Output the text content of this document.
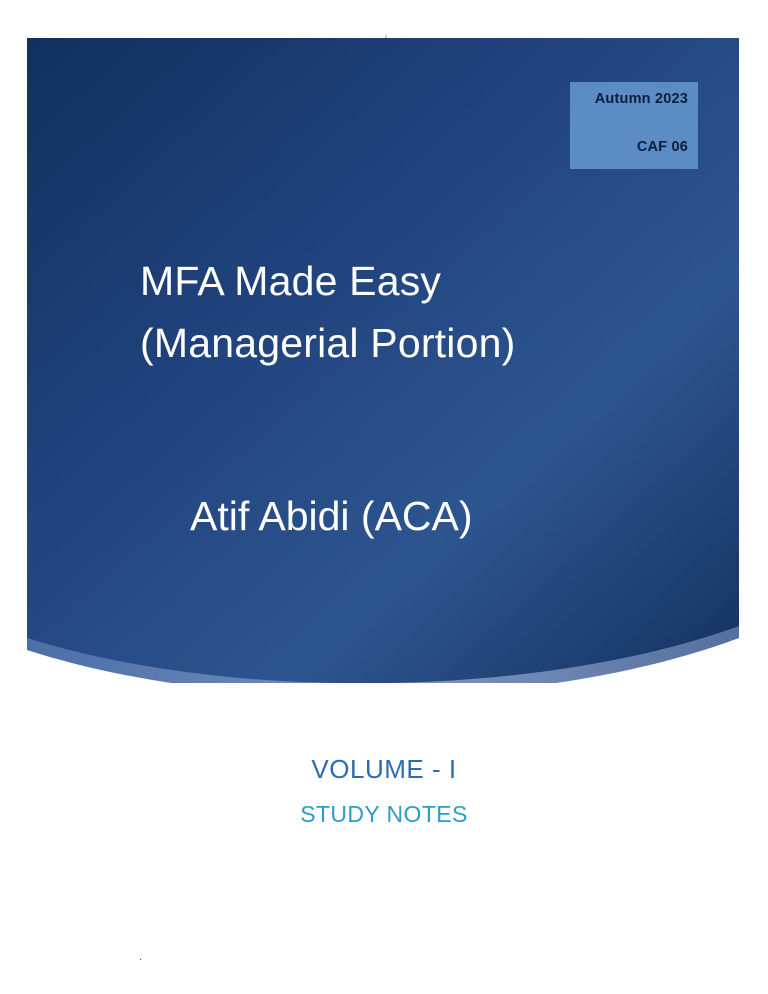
Autumn 2023
CAF 06
MFA Made Easy
(Managerial Portion)
Atif Abidi (ACA)
VOLUME - I
STUDY NOTES
.
